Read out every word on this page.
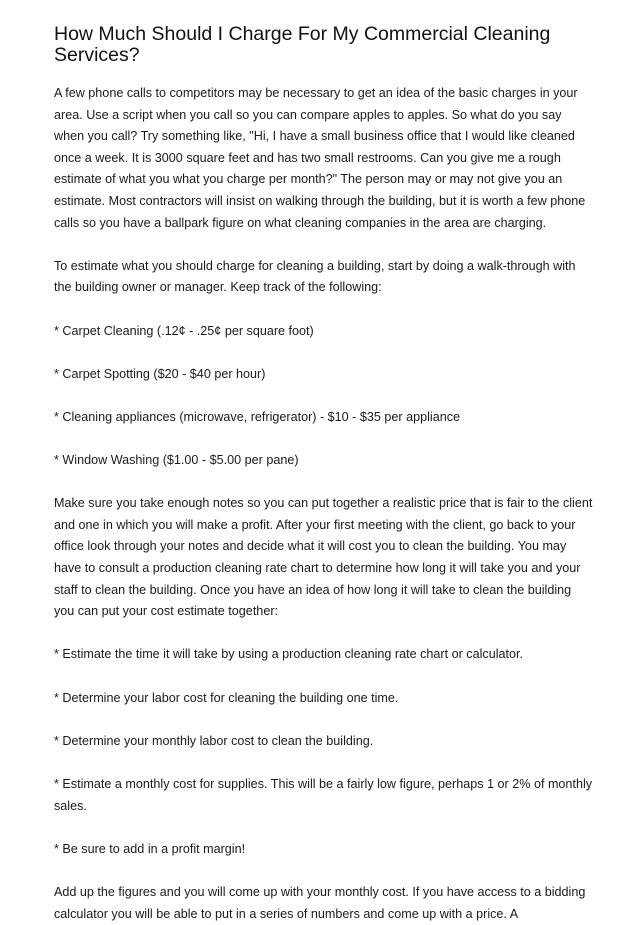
How Much Should I Charge For My Commercial Cleaning Services?

A few phone calls to competitors may be necessary to get an idea of the basic charges in your area. Use a script when you call so you can compare apples to apples. So what do you say when you call? Try something like, "Hi, I have a small business office that I would like cleaned once a week. It is 3000 square feet and has two small restrooms. Can you give me a rough estimate of what you what you charge per month?" The person may or may not give you an estimate. Most contractors will insist on walking through the building, but it is worth a few phone calls so you have a ballpark figure on what cleaning companies in the area are charging.

To estimate what you should charge for cleaning a building, start by doing a walk-through with the building owner or manager. Keep track of the following:

* Carpet Cleaning (.12¢ - .25¢ per square foot)

* Carpet Spotting ($20 - $40 per hour)

* Cleaning appliances (microwave, refrigerator) - $10 - $35 per appliance

* Window Washing ($1.00 - $5.00 per pane)

Make sure you take enough notes so you can put together a realistic price that is fair to the client and one in which you will make a profit. After your first meeting with the client, go back to your office look through your notes and decide what it will cost you to clean the building. You may have to consult a production cleaning rate chart to determine how long it will take you and your staff to clean the building. Once you have an idea of how long it will take to clean the building you can put your cost estimate together:

* Estimate the time it will take by using a production cleaning rate chart or calculator.

* Determine your labor cost for cleaning the building one time.

* Determine your monthly labor cost to clean the building.

* Estimate a monthly cost for supplies. This will be a fairly low figure, perhaps 1 or 2% of monthly sales.

* Be sure to add in a profit margin!

Add up the figures and you will come up with your monthly cost. If you have access to a bidding calculator you will be able to put in a series of numbers and come up with a price. A
